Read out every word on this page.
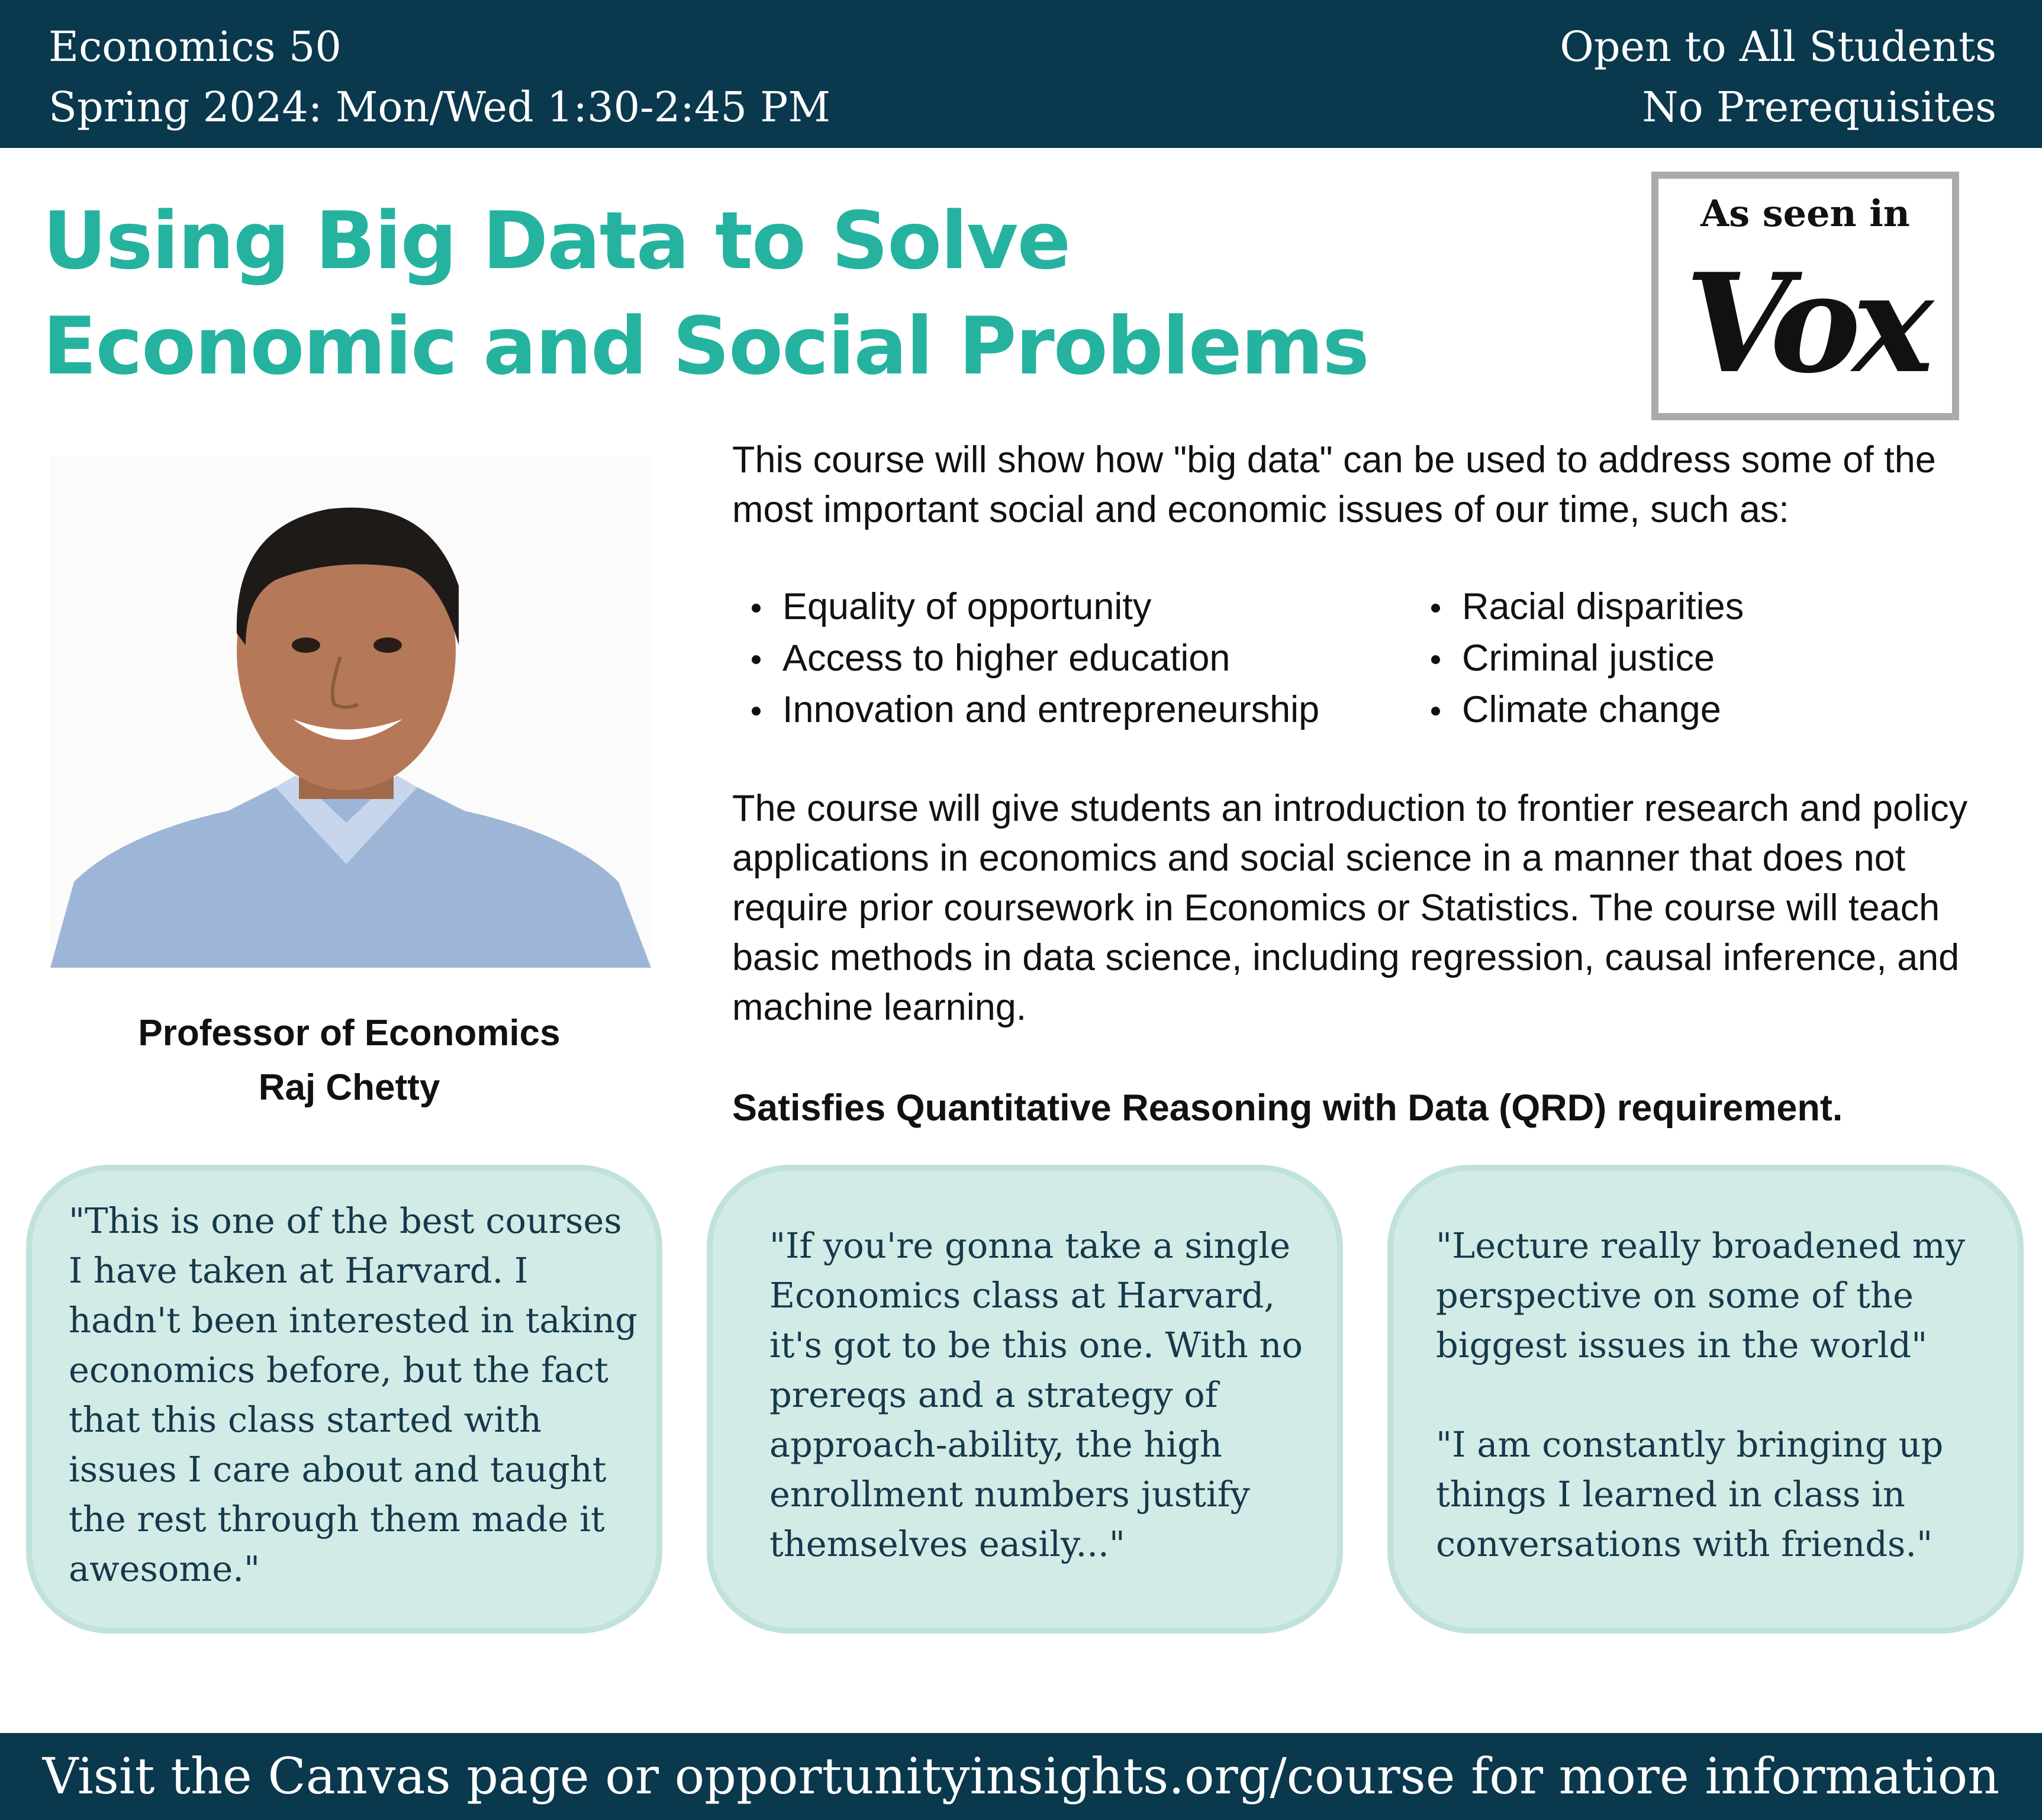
Economics 50
Spring 2024: Mon/Wed 1:30-2:45 PM
Open to All Students
No Prerequisites
Using Big Data to Solve
Economic and Social Problems
As seen in
Vox
Professor of Economics
Raj Chetty

This course will show how "big data" can be used to address some of the most important social and economic issues of our time, such as:

Equality of opportunity
Access to higher education
Innovation and entrepreneurship
Racial disparities
Criminal justice
Climate change

The course will give students an introduction to frontier research and policy applications in economics and social science in a manner that does not require prior coursework in Economics or Statistics. The course will teach basic methods in data science, including regression, causal inference, and machine learning.

Satisfies Quantitative Reasoning with Data (QRD) requirement.

"This is one of the best courses I have taken at Harvard. I hadn't been interested in taking economics before, but the fact that this class started with issues I care about and taught the rest through them made it awesome."
"If you're gonna take a single Economics class at Harvard, it's got to be this one. With no prereqs and a strategy of approach-ability, the high enrollment numbers justify themselves easily..."
"Lecture really broadened my perspective on some of the biggest issues in the world"

"I am constantly bringing up things I learned in class in conversations with friends."
Visit the Canvas page or opportunityinsights.org/course for more information
